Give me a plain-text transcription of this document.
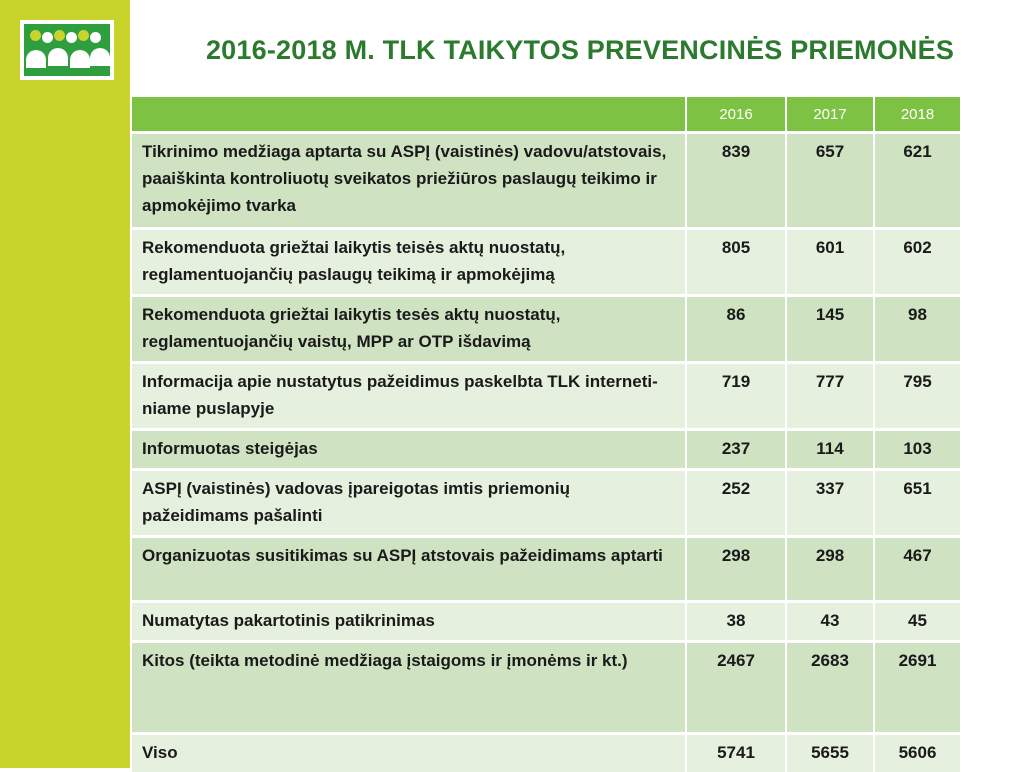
2016-2018 M. TLK TAIKYTOS PREVENCINĖS PRIEMONĖS
	2016	2017	2018
Tikrinimo medžiaga aptarta su ASPĮ (vaistinės) vadovu/atstovais, paaiškinta kontroliuotų sveikatos priežiūros paslaugų teikimo ir apmokėjimo tvarka	839	657	621
Rekomenduota griežtai laikytis teisės aktų nuostatų, reglamentuojančių paslaugų teikimą ir apmokėjimą	805	601	602
Rekomenduota griežtai laikytis tesės aktų nuostatų, reglamentuojančių vaistų, MPP ar OTP išdavimą	86	145	98
Informacija apie nustatytus pažeidimus paskelbta TLK internetiniame puslapyje	719	777	795
Informuotas steigėjas	237	114	103
ASPĮ (vaistinės) vadovas įpareigotas imtis priemonių pažeidimams pašalinti	252	337	651
Organizuotas susitikimas su ASPĮ atstovais pažeidimams aptarti	298	298	467
Numatytas pakartotinis patikrinimas	38	43	45
Kitos (teikta metodinė medžiaga įstaigoms ir įmonėms ir kt.)	2467	2683	2691
Viso	5741	5655	5606
